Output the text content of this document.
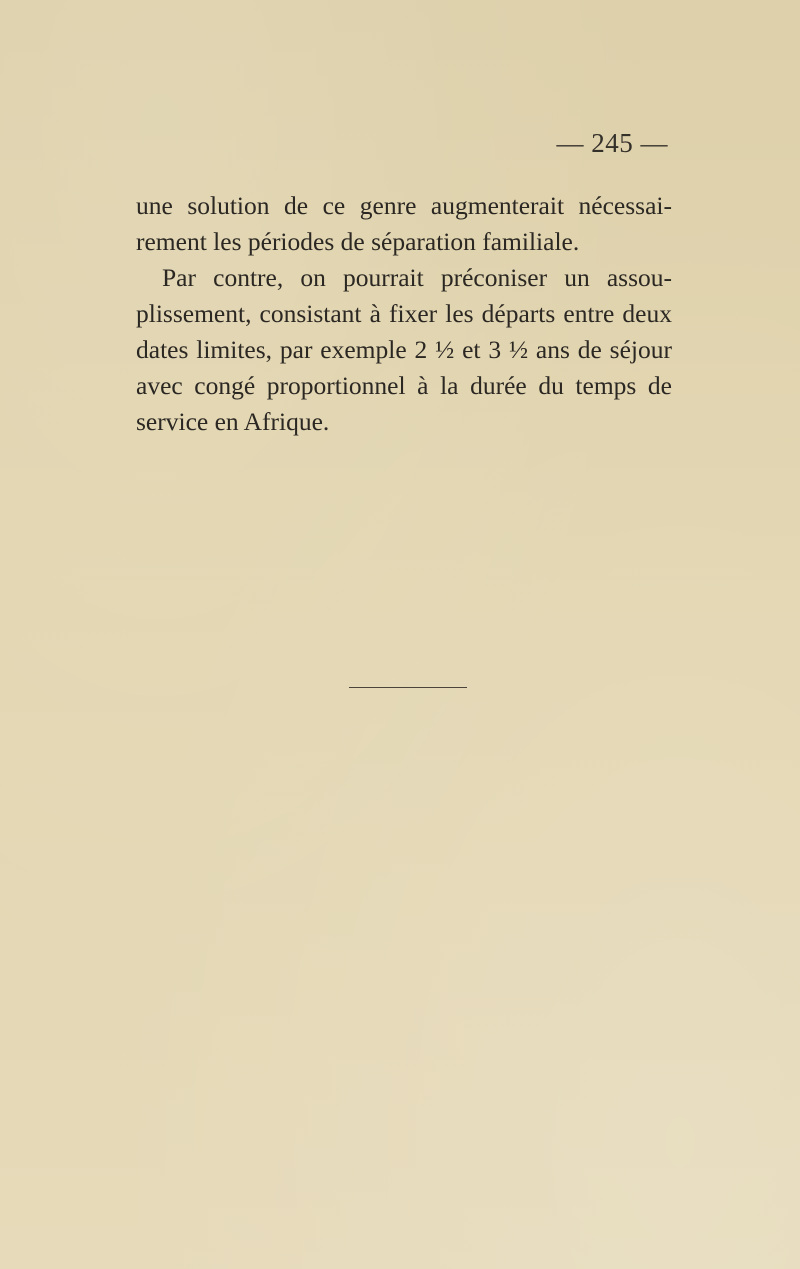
— 245 —

une solution de ce genre augmenterait nécessai-rement les périodes de séparation familiale.

Par contre, on pourrait préconiser un assou-plissement, consistant à fixer les départs entre deux dates limites, par exemple 2 ½ et 3 ½ ans de séjour avec congé proportionnel à la durée du temps de service en Afrique.
